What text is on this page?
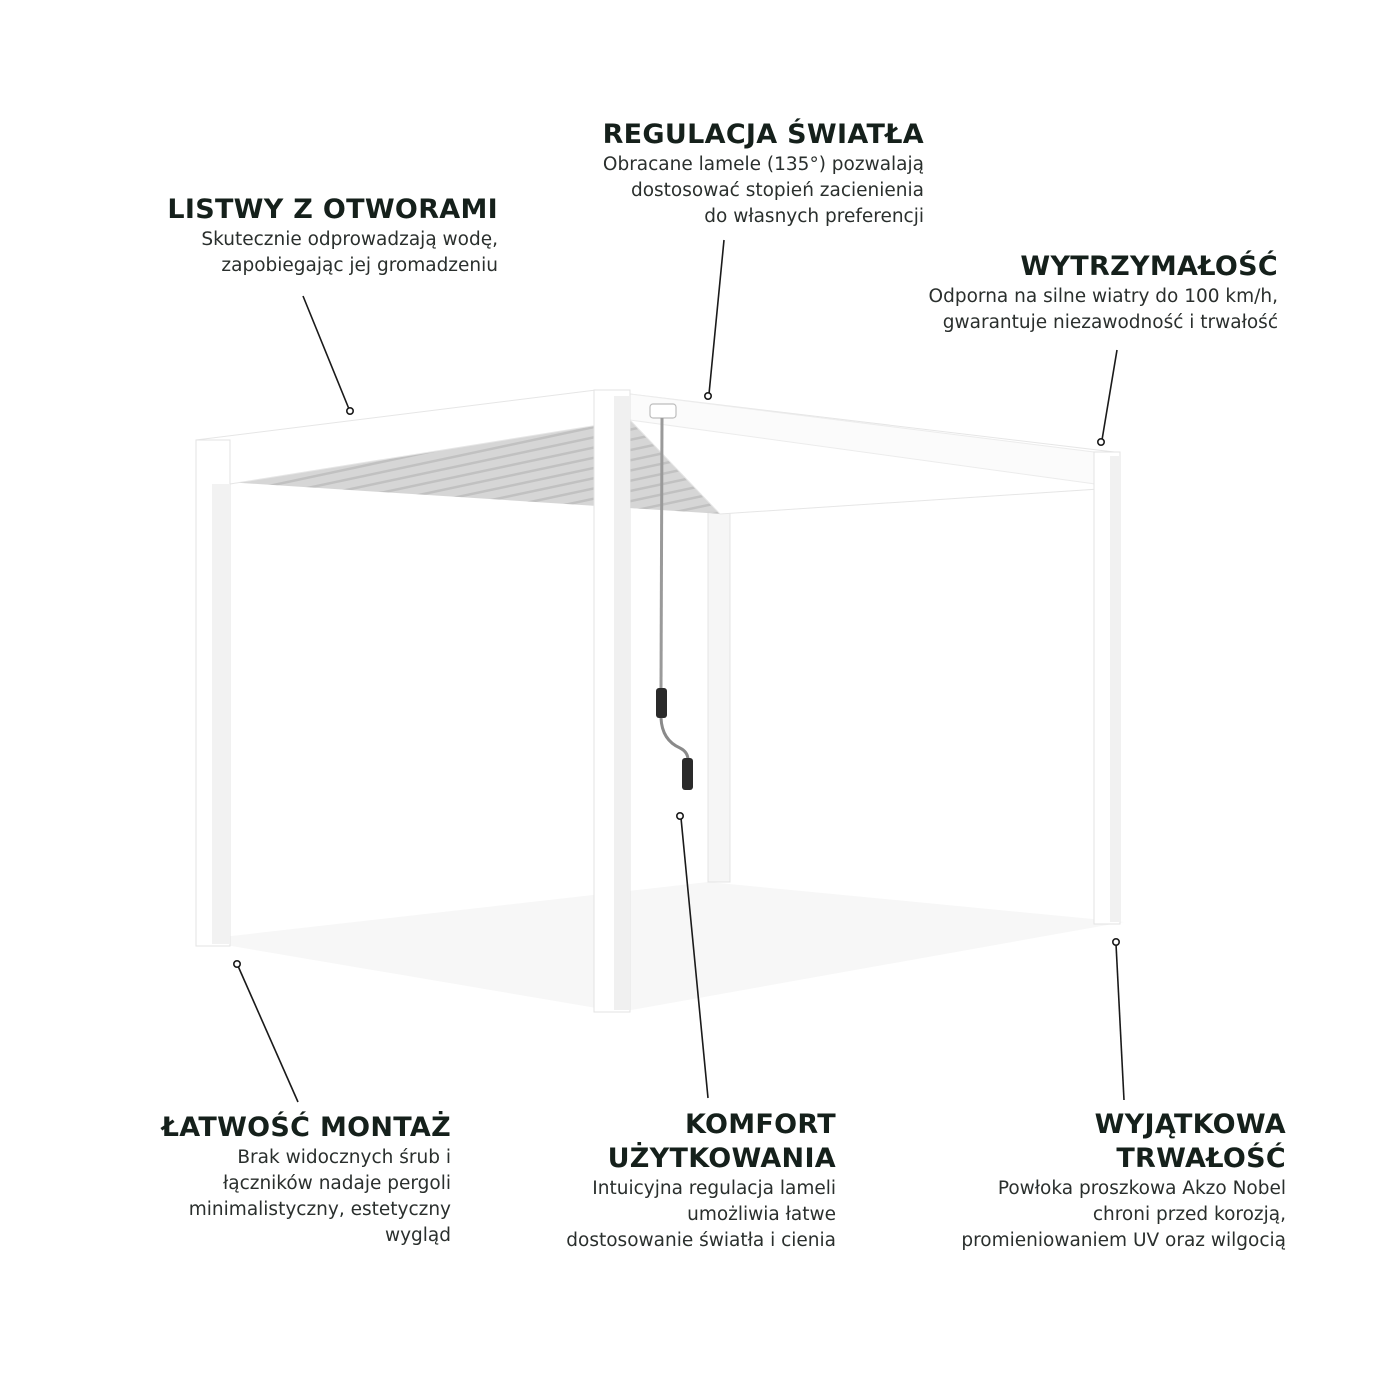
LISTWY Z OTWORAMI
Skutecznie odprowadzają wodę,
zapobiegając jej gromadzeniu
REGULACJA ŚWIATŁA
Obracane lamele (135°) pozwalają
dostosować stopień zacienienia
do własnych preferencji
WYTRZYMAŁOŚĆ
Odporna na silne wiatry do 100 km/h,
gwarantuje niezawodność i trwałość
ŁATWOŚĆ MONTAŻ
Brak widocznych śrub i
łączników nadaje pergoli
minimalistyczny, estetyczny
wygląd
KOMFORT
UŻYTKOWANIA
Intuicyjna regulacja lameli
umożliwia łatwe
dostosowanie światła i cienia
WYJĄTKOWA
TRWAŁOŚĆ
Powłoka proszkowa Akzo Nobel
chroni przed korozją,
promieniowaniem UV oraz wilgocią
